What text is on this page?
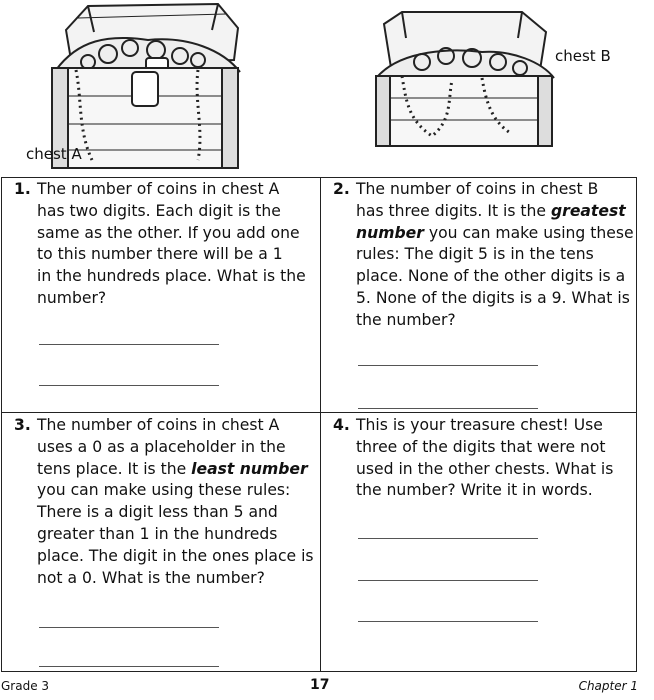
chest A
chest B
1. The number of coins in chest A
has two digits. Each digit is the
same as the other. If you add one
to this number there will be a 1
in the hundreds place. What is the
number?
2. The number of coins in chest B
has three digits. It is the greatest
number you can make using these
rules: The digit 5 is in the tens
place. None of the other digits is a
5. None of the digits is a 9. What is
the number?
3. The number of coins in chest A
uses a 0 as a placeholder in the
tens place. It is the least number
you can make using these rules:
There is a digit less than 5 and
greater than 1 in the hundreds
place. The digit in the ones place is
not a 0. What is the number?
4. This is your treasure chest! Use
three of the digits that were not
used in the other chests. What is
the number? Write it in words.
Grade 3	17	Chapter 1
